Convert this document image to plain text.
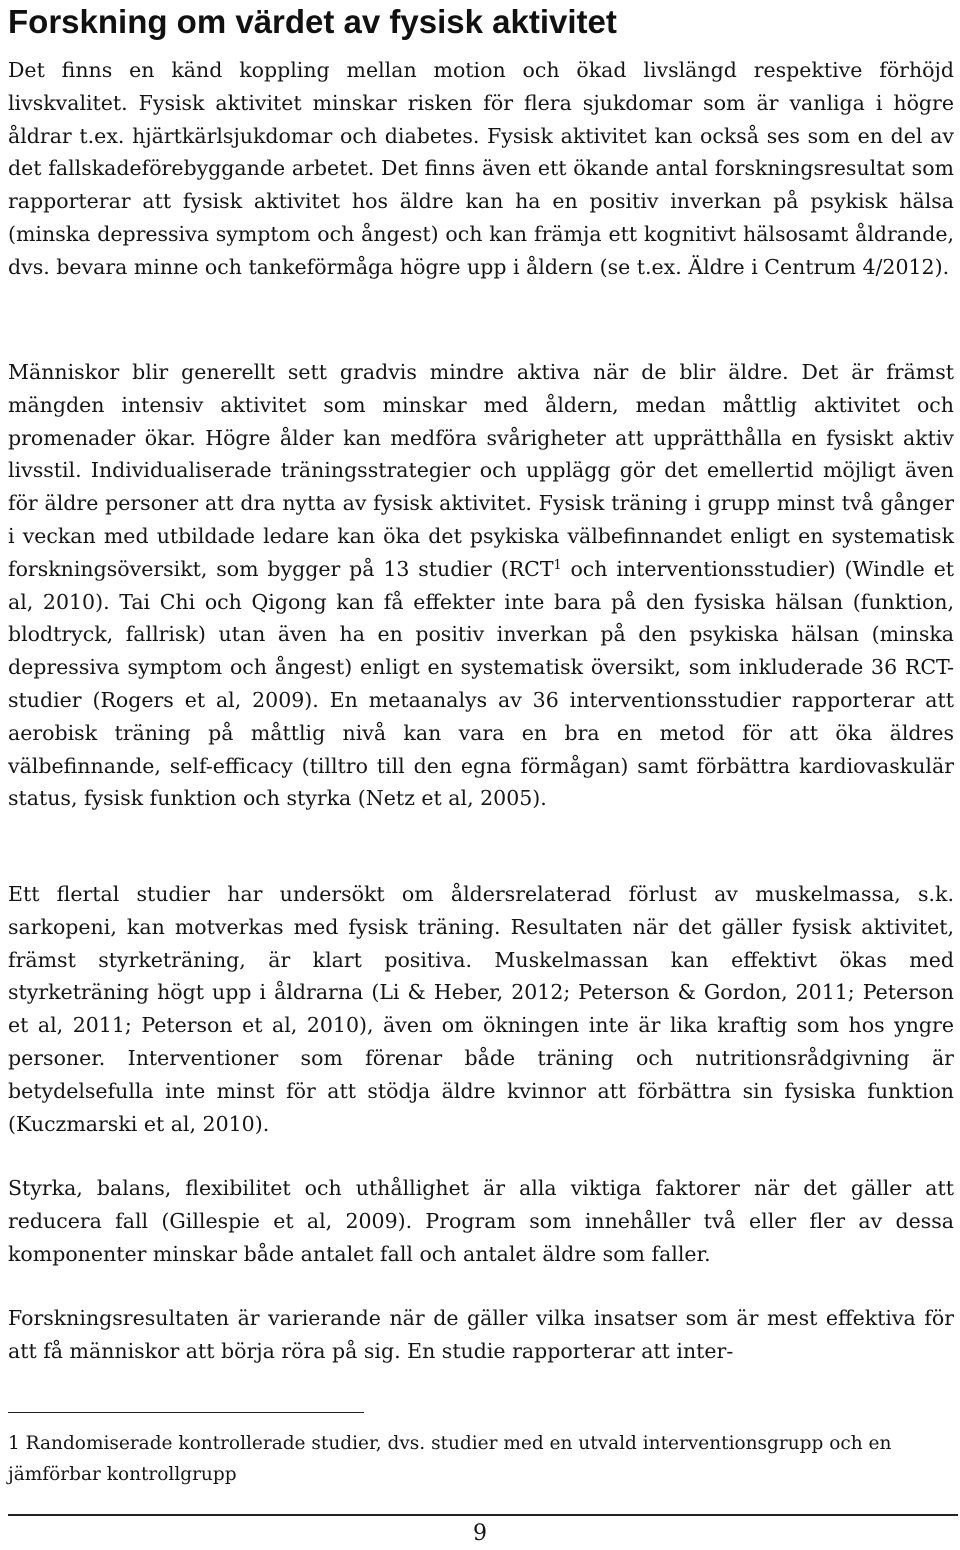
Forskning om värdet av fysisk aktivitet

Det finns en känd koppling mellan motion och ökad livslängd respektive förhöjd livskvalitet. Fysisk aktivitet minskar risken för flera sjukdomar som är vanliga i högre åldrar t.ex. hjärtkärlsjukdomar och diabetes. Fysisk aktivitet kan också ses som en del av det fallskadeförebyggande arbetet. Det finns även ett ökande antal forskningsresultat som rapporterar att fysisk aktivitet hos äldre kan ha en positiv inverkan på psykisk hälsa (minska depressiva symptom och ångest) och kan främja ett kognitivt hälsosamt åldrande, dvs. bevara minne och tankeförmåga högre upp i åldern (se t.ex. Äldre i Centrum 4/2012).

Människor blir generellt sett gradvis mindre aktiva när de blir äldre. Det är främst mängden intensiv aktivitet som minskar med åldern, medan måttlig aktivitet och promenader ökar. Högre ålder kan medföra svårigheter att upprätthålla en fysiskt aktiv livsstil. Individualiserade träningsstrategier och upplägg gör det emellertid möjligt även för äldre personer att dra nytta av fysisk aktivitet. Fysisk träning i grupp minst två gånger i veckan med utbildade ledare kan öka det psykiska välbefinnandet enligt en systematisk forskningsöversikt, som bygger på 13 studier (RCT$^1$ och interventionsstudier) (Windle et al, 2010). Tai Chi och Qigong kan få effekter inte bara på den fysiska hälsan (funktion, blodtryck, fallrisk) utan även ha en positiv inverkan på den psykiska hälsan (minska depressiva symptom och ångest) enligt en systematisk översikt, som inkluderade 36 RCT-studier (Rogers et al, 2009). En metaanalys av 36 interventionsstudier rapporterar att aerobisk träning på måttlig nivå kan vara en bra en metod för att öka äldres välbefinnande, self-efficacy (tilltro till den egna förmågan) samt förbättra kardiovaskulär status, fysisk funktion och styrka (Netz et al, 2005).

Ett flertal studier har undersökt om åldersrelaterad förlust av muskelmassa, s.k. sarkopeni, kan motverkas med fysisk träning. Resultaten när det gäller fysisk aktivitet, främst styrketräning, är klart positiva. Muskelmassan kan effektivt ökas med styrketräning högt upp i åldrarna (Li & Heber, 2012; Peterson & Gordon, 2011; Peterson et al, 2011; Peterson et al, 2010), även om ökningen inte är lika kraftig som hos yngre personer. Interventioner som förenar både träning och nutritionsrådgivning är betydelsefulla inte minst för att stödja äldre kvinnor att förbättra sin fysiska funktion (Kuczmarski et al, 2010).

Styrka, balans, flexibilitet och uthållighet är alla viktiga faktorer när det gäller att reducera fall (Gillespie et al, 2009). Program som innehåller två eller fler av dessa komponenter minskar både antalet fall och antalet äldre som faller.

Forskningsresultaten är varierande när de gäller vilka insatser som är mest effektiva för att få människor att börja röra på sig. En studie rapporterar att inter-

1 Randomiserade kontrollerade studier, dvs. studier med en utvald interventionsgrupp och en jämförbar kontrollgrupp

9
